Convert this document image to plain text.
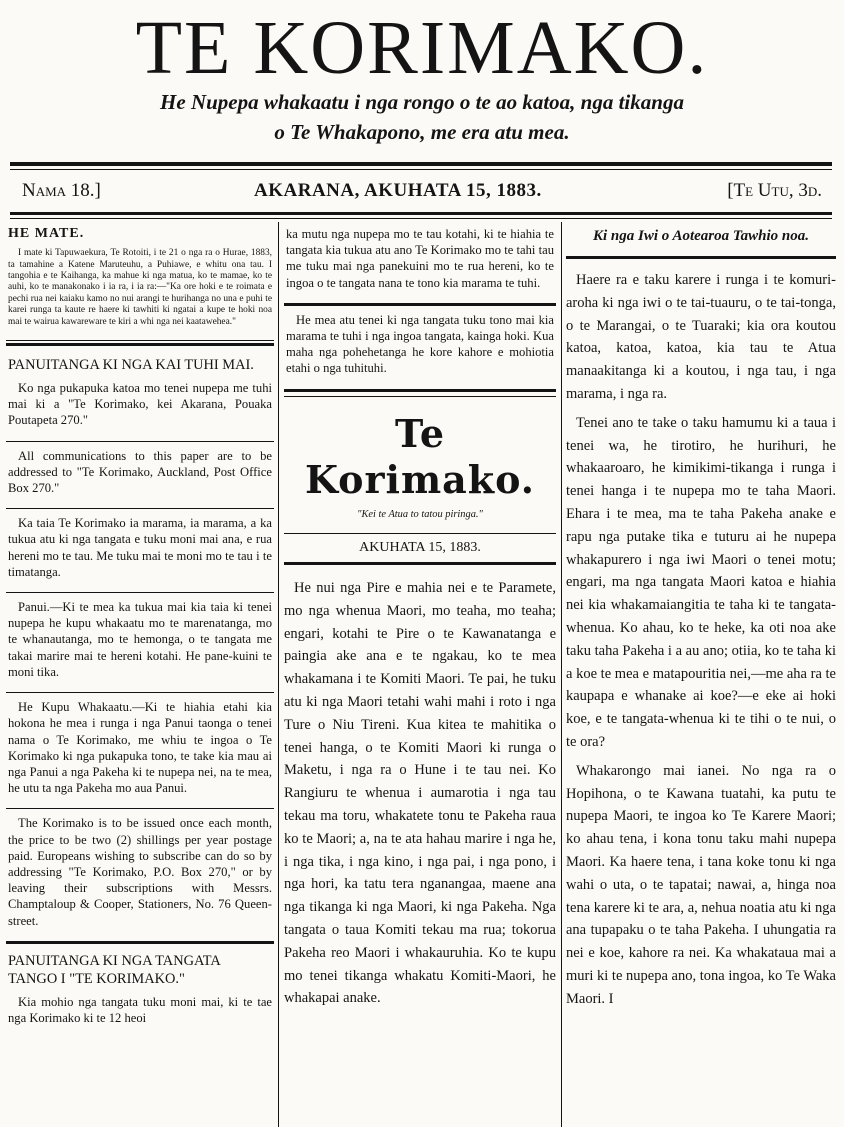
TE KORIMAKO.
He Nupepa whakaatu i nga rongo o te ao katoa, nga tikanga
o Te Whakapono, me era atu mea.
Nama 18.]	AKARANA, AKUHATA 15, 1883.	[Te Utu, 3d.

HE MATE.

I mate ki Tapuwaekura, Te Rotoiti, i te 21 o nga ra o Hurae, 1883, ta tamahine a Katene Maruteuhu, a Puhiawe, e whitu ona tau. I tangohia e te Kaihanga, ka mahue ki nga matua, ko te mamae, ko te auhi, ko te manakonako i ia ra, i ia ra:—"Ka ore hoki e te roimata e pechi rua nei kaiaku kamo no nui arangi te hurihanga no una e puhi te karei runga ta kaute re haere ki tawhiti ki ngatai a kupe te hoki noa mai te wairua kawareware te kiri a whi nga nei kaatawehea."

PANUITANGA KI NGA KAI TUHI MAI.

Ko nga pukapuka katoa mo tenei nupepa me tuhi mai ki a "Te Korimako, kei Akarana, Pouaka Poutapeta 270."

All communications to this paper are to be addressed to "Te Korimako, Auckland, Post Office Box 270."

Ka taia Te Korimako ia marama, ia marama, a ka tukua atu ki nga tangata e tuku moni mai ana, e rua hereni mo te tau. Me tuku mai te moni mo te tau i te timatanga.

Panui.—Ki te mea ka tukua mai kia taia ki tenei nupepa he kupu whakaatu mo te marenatanga, mo te whanautanga, mo te hemonga, o te tangata me takai marire mai te hereni kotahi. He pane-kuini te moni tika.

He Kupu Whakaatu.—Ki te hiahia etahi kia hokona he mea i runga i nga Panui taonga o tenei nama o Te Korimako, me whiu te ingoa o Te Korimako ki nga pukapuka tono, te take kia mau ai nga Panui a nga Pakeha ki te nupepa nei, na te mea, he utu ta nga Pakeha mo aua Panui.

The Korimako is to be issued once each month, the price to be two (2) shillings per year postage paid. Europeans wishing to subscribe can do so by addressing "Te Korimako, P.O. Box 270," or by leaving their subscriptions with Messrs. Champtaloup & Cooper, Stationers, No. 76 Queen-street.

PANUITANGA KI NGA TANGATA TANGO I "TE KORIMAKO."

Kia mohio nga tangata tuku moni mai, ki te tae nga Korimako ki te 12 heoi

ka mutu nga nupepa mo te tau kotahi, ki te hiahia te tangata kia tukua atu ano Te Korimako mo te tahi tau me tuku mai nga panekuini mo te rua hereni, ko te ingoa o te tangata nana te tono kia marama te tuhi.

He mea atu tenei ki nga tangata tuku tono mai kia marama te tuhi i nga ingoa tangata, kainga hoki. Kua maha nga pohehetanga he kore kahore e mohiotia etahi o nga tuhituhi.

Te Korimako.
"Kei te Atua to tatou piringa."
AKUHATA 15, 1883.

He nui nga Pire e mahia nei e te Paramete, mo nga whenua Maori, mo teaha, mo teaha; engari, kotahi te Pire o te Kawanatanga e paingia ake ana e te ngakau, ko te mea whakamana i te Komiti Maori. Te pai, he tuku atu ki nga Maori tetahi wahi mahi i roto i nga Ture o Niu Tireni. Kua kitea te mahitika o tenei hanga, o te Komiti Maori ki runga o Maketu, i nga ra o Hune i te tau nei. Ko Rangiuru te whenua i aumarotia i nga tau tekau ma toru, whakatete tonu te Pakeha raua ko te Maori; a, na te ata hahau marire i nga he, i nga tika, i nga kino, i nga pai, i nga pono, i nga hori, ka tatu tera nganangaa, maene ana nga tikanga ki nga Maori, ki nga Pakeha. Nga tangata o taua Komiti tekau ma rua; tokorua Pakeha reo Maori i whakauruhia. Ko te kupu mo tenei tikanga whakatu Komiti-Maori, he whakapai anake.

Ki nga Iwi o Aotearoa Tawhio noa.

Haere ra e taku karere i runga i te komuri-aroha ki nga iwi o te tai-tuauru, o te tai-tonga, o te Marangai, o te Tuaraki; kia ora koutou katoa, katoa, katoa, kia tau te Atua manaakitanga ki a koutou, i nga tau, i nga marama, i nga ra.

Tenei ano te take o taku hamumu ki a taua i tenei wa, he tirotiro, he hurihuri, he whakaaroaro, he kimikimi-tikanga i runga i tenei hanga i te nupepa mo te taha Maori. Ehara i te mea, ma te taha Pakeha anake e rapu nga putake tika e tuturu ai he nupepa whakapurero i nga iwi Maori o tenei motu; engari, ma nga tangata Maori katoa e hiahia nei kia whakamaiangitia te taha ki te tangata-whenua. Ko ahau, ko te heke, ka oti noa ake taku taha Pakeha i a au ano; otiia, ko te taha ki a koe te mea e matapouritia nei,—me aha ra te kaupapa e whanake ai koe?—e eke ai hoki koe, e te tangata-whenua ki te tihi o te nui, o te ora?

Whakarongo mai ianei. No nga ra o Hopihona, o te Kawana tuatahi, ka putu te nupepa Maori, te ingoa ko Te Karere Maori; ko ahau tena, i kona tonu taku mahi nupepa Maori. Ka haere tena, i tana koke tonu ki nga wahi o uta, o te tapatai; nawai, a, hinga noa tena karere ki te ara, a, nehua noatia atu ki nga ana tupapaku o te taha Pakeha. I uhungatia ra nei e koe, kahore ra nei. Ka whakataua mai a muri ki te nupepa ano, tona ingoa, ko Te Waka Maori. I
